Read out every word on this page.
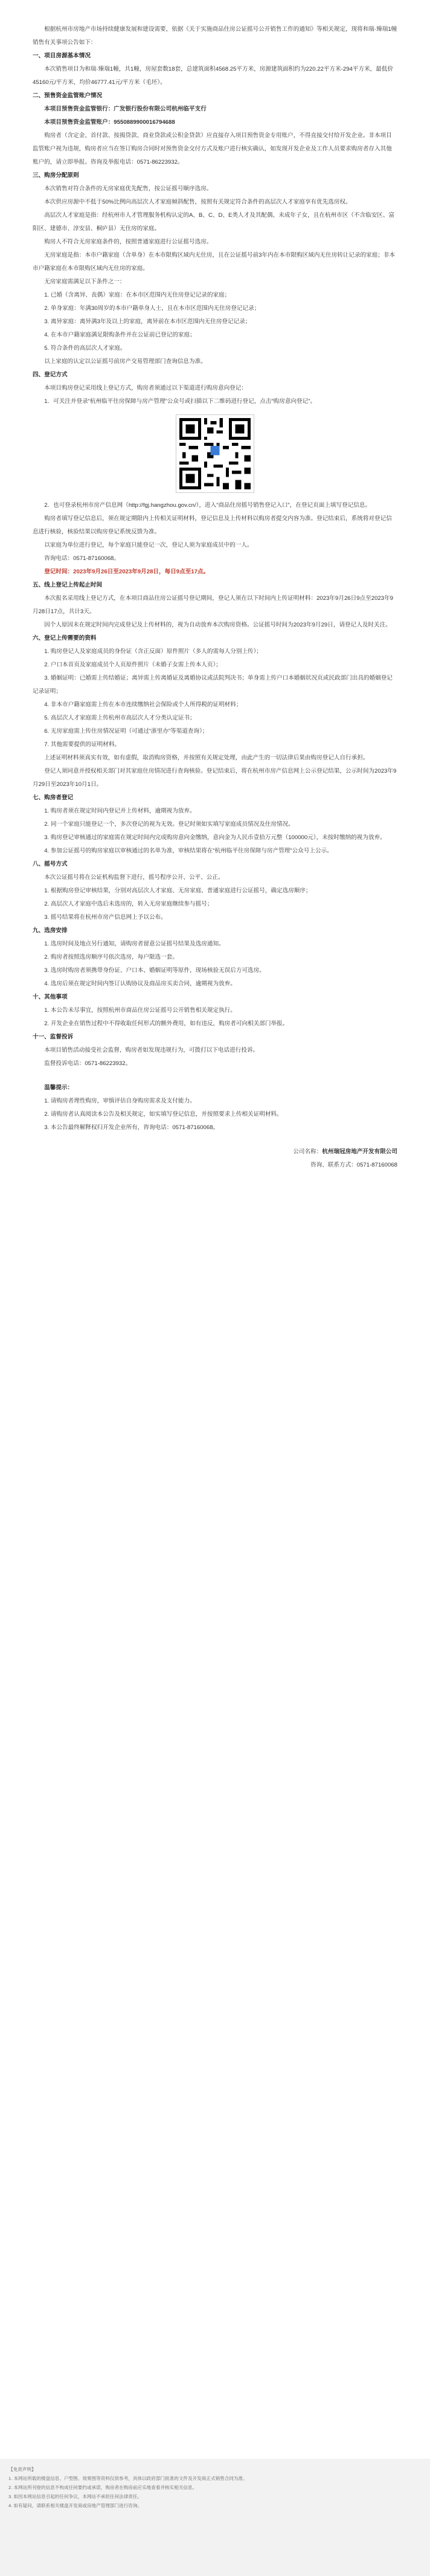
根据杭州市房地产市场持续健康发展和建设需要，依据《关于实施商品住房公证摇号公开销售工作的通知》等相关规定，现将和瑞·臻瑞1幢销售有关事项公告如下：

一、项目房源基本情况

本次销售项目为和瑞·臻瑞1幢，共1幢，房屋套数18套，总建筑面积4568.25平方米，房源建筑面积约为220.22平方米-294平方米，最低价45160元/平方米，均价46777.41元/平方米（毛坯）。

二、预售资金监管账户情况

本项目预售资金监管银行：广发银行股份有限公司杭州临平支行

本项目预售资金监管账户：9550889900016794688

购房者（含定金、首付款、按揭贷款、商业贷款或公积金贷款）应直接存入项目预售资金专用账户，不得直接交付给开发企业。非本项目监管账户视为违规，购房者应当在签订购房合同时对预售资金交付方式及账户进行核实确认，如发现开发企业及工作人员要求购房者存入其他账户的，请立即举报。咨询及举报电话：0571-86223932。

三、购房分配原则

本次销售对符合条件的无房家庭优先配售，按公证摇号顺序选房。

本次供应房源中不低于50%比例向高层次人才家庭倾斜配售，按照有关规定符合条件的高层次人才家庭享有优先选房权。

高层次人才家庭是指：经杭州市人才管理服务机构认定的A、B、C、D、E类人才及其配偶、未成年子女，且在杭州市区（不含临安区、富阳区、建德市、淳安县、桐庐县）无住房的家庭。

购房人不符合无房家庭条件的，按照普通家庭进行公证摇号选房。

无房家庭是指：本市户籍家庭（含单身）在本市限购区域内无住房，且在公证摇号前3年内在本市限购区域内无住房转让记录的家庭；非本市户籍家庭在本市限购区域内无住房的家庭。

无房家庭需满足以下条件之一：

1. 已婚（含离异、丧偶）家庭：在本市区范围内无住房登记记录的家庭；

2. 单身家庭：年满30周岁的本市户籍单身人士，且在本市区范围内无住房登记记录；

3. 离异家庭：离异满3年及以上的家庭，离异前在本市区范围内无住房登记记录；

4. 在本市户籍家庭满足限购条件并在公证前已登记的家庭；

5. 符合条件的高层次人才家庭。

以上家庭的认定以公证摇号前房产交易管理部门查询信息为准。

四、登记方式

本项目购房登记采用线上登记方式，购房者须通过以下渠道进行购房意向登记：

1．可关注并登录“杭州临平住房保障与房产管理”公众号或扫描以下二维码进行登记，点击“购房意向登记”。

2．也可登录杭州市房产信息网（http://fgj.hangzhou.gov.cn/），进入“商品住房摇号销售登记入口”，在登记页面上填写登记信息。

购房者填写登记信息后，须在规定期限内上传相关证明材料，登记信息及上传材料以购房者提交内容为准。登记结束后，系统将对登记信息进行核验，核验结果以购房登记系统反馈为准。

以家庭为单位进行登记，每个家庭只能登记一次，登记人须为家庭成员中的一人。

咨询电话：0571-87160068。

登记时间：2023年9月26日至2023年9月28日，每日9点至17点。

五、线上登记上传起止时间

本次报名采用线上登记方式，在本项目商品住房公证摇号登记期间，登记人须在以下时间内上传证明材料：2023年9月26日9点至2023年9月28日17点，共计3天。

因个人原因未在规定时间内完成登记及上传材料的，视为自动放弃本次购房资格。公证摇号时间为2023年9月29日，请登记人及时关注。

六、登记上传需要的资料

1. 购房登记人及家庭成员的身份证（含正反面）原件照片（多人的需每人分别上传）；

2. 户口本首页及家庭成员个人页原件照片（未婚子女需上传本人页）；

3. 婚姻证明：已婚需上传结婚证；离异需上传离婚证及离婚协议或法院判决书；单身需上传户口本婚姻状况页或民政部门出具的婚姻登记记录证明；

4. 非本市户籍家庭需上传在本市连续缴纳社会保险或个人所得税的证明材料；

5. 高层次人才家庭需上传杭州市高层次人才分类认定证书；

6. 无房家庭需上传住房情况证明（可通过“浙里办”等渠道查询）；

7. 其他需要提供的证明材料。

上述证明材料须真实有效，如有虚假，取消购房资格，并按照有关规定处理，由此产生的一切法律后果由购房登记人自行承担。

登记人须同意并授权相关部门对其家庭住房情况进行查询核验。登记结束后，将在杭州市房产信息网上公示登记结果，公示时间为2023年9月29日至2023年10月1日。

七、购房者登记

1. 购房者须在规定时间内登记并上传材料，逾期视为放弃。

2. 同一个家庭只能登记一个，多次登记的视为无效。登记时须如实填写家庭成员情况及住房情况。

3. 购房登记审核通过的家庭需在规定时间内完成购房意向金缴纳，意向金为人民币壹拾万元整（100000元），未按时缴纳的视为放弃。

4. 参加公证摇号的购房家庭以审核通过的名单为准，审核结果将在“杭州临平住房保障与房产管理”公众号上公示。

八、摇号方式

本次公证摇号将在公证机构监督下进行，摇号程序公开、公平、公正。

1. 根据购房登记审核结果，分别对高层次人才家庭、无房家庭、普通家庭进行公证摇号，确定选房顺序；

2. 高层次人才家庭中选后未选房的，转入无房家庭继续参与摇号；

3. 摇号结果将在杭州市房产信息网上予以公布。

九、选房安排

1. 选房时间及地点另行通知，请购房者留意公证摇号结果及选房通知。

2. 购房者按照选房顺序号依次选房，每户限选一套。

3. 选房时购房者须携带身份证、户口本、婚姻证明等原件，现场核验无误后方可选房。

4. 选房后须在规定时间内签订认购协议及商品房买卖合同，逾期视为放弃。

十、其他事项

1. 本公告未尽事宜，按照杭州市商品住房公证摇号公开销售相关规定执行。

2. 开发企业在销售过程中不得收取任何形式的额外费用，如有违反，购房者可向相关部门举报。

十一、监督投诉

本项目销售活动接受社会监督，购房者如发现违规行为，可拨打以下电话进行投诉。

监督投诉电话：0571-86223932。

温馨提示：

1. 请购房者理性购房，审慎评估自身购房需求及支付能力。

2. 请购房者认真阅读本公告及相关规定，如实填写登记信息，并按照要求上传相关证明材料。

3. 本公告最终解释权归开发企业所有，咨询电话：0571-87160068。

公司名称：杭州瑞冠房地产开发有限公司

咨询、联系方式：0571-87160068

【免责声明】

1. 本网站所载的楼盘信息、户型图、效果图等资料仅供参考，具体以政府部门批准的文件及开发商正式销售合同为准。

2. 本网站所刊登的信息不构成任何要约或承诺，购房者在购房前应实地查看并核实相关信息。

3. 如因本网站信息引起的任何争议，本网站不承担任何法律责任。

4. 如有疑问，请联系相关楼盘开发商或房地产管理部门进行咨询。
